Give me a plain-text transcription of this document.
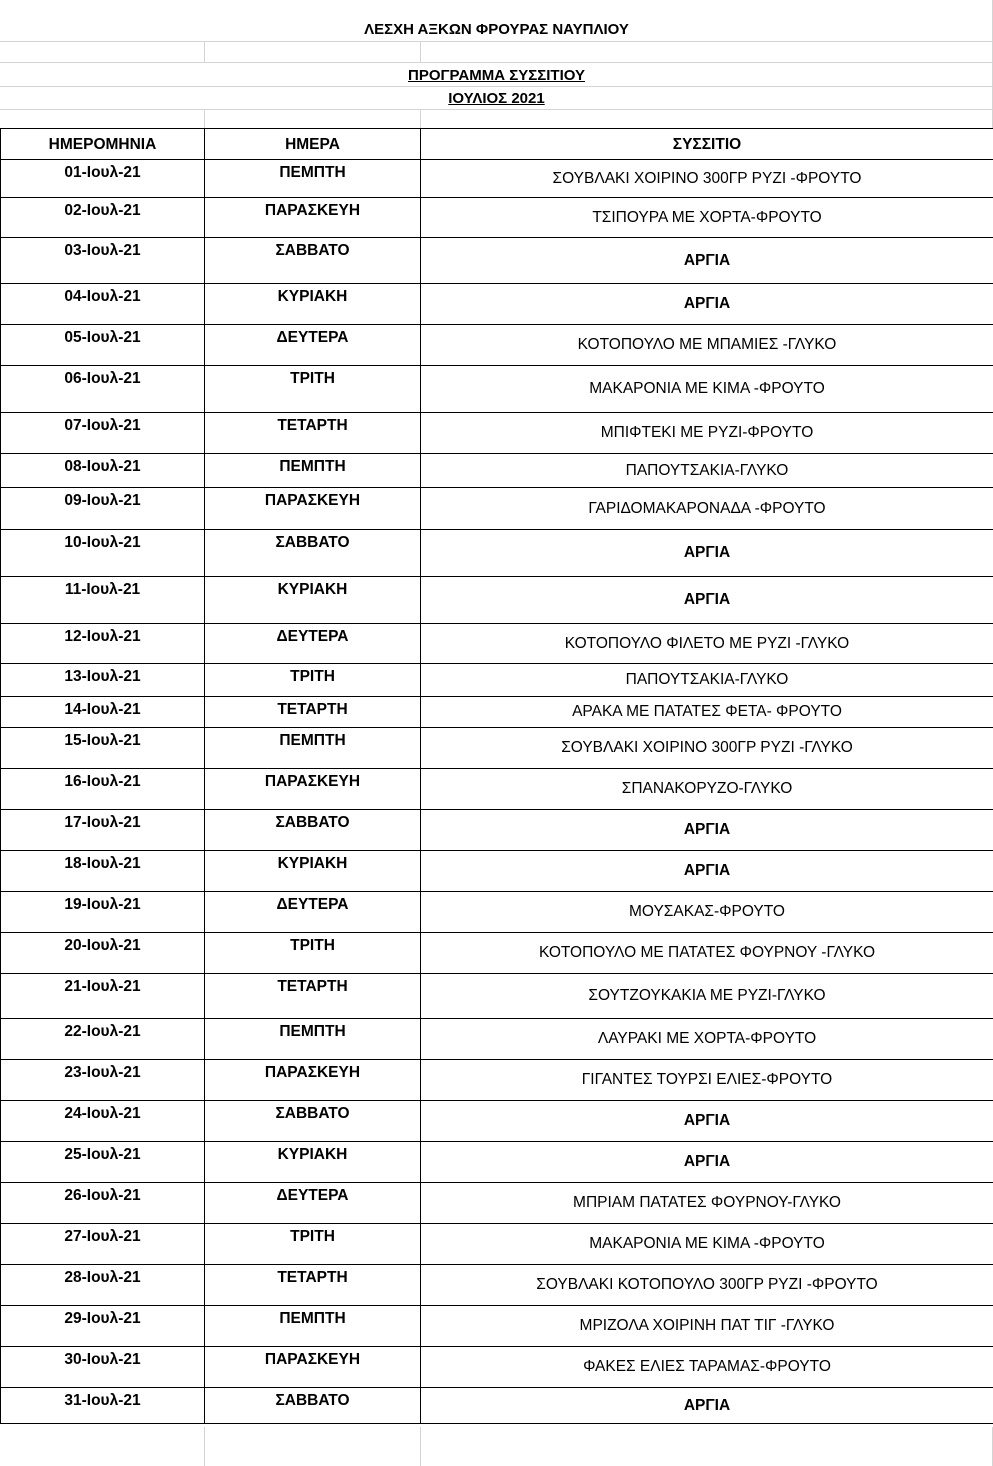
ΛΕΣΧΗ ΑΞΚΩΝ ΦΡΟΥΡΑΣ ΝΑΥΠΛΙΟΥ
ΠΡΟΓΡΑΜΜΑ ΣΥΣΣΙΤΙΟΥ
ΙΟΥΛΙΟΣ 2021
ΗΜΕΡΟΜΗΝΙΑ	ΗΜΕΡΑ	ΣΥΣΣΙΤΙΟ
01-Ιουλ-21	ΠΕΜΠΤΗ	ΣΟΥΒΛΑΚΙ ΧΟΙΡΙΝΟ 300ΓΡ ΡΥΖΙ -ΦΡΟΥΤΟ
02-Ιουλ-21	ΠΑΡΑΣΚΕΥΗ	ΤΣΙΠΟΥΡΑ ΜΕ ΧΟΡΤΑ-ΦΡΟΥΤΟ
03-Ιουλ-21	ΣΑΒΒΑΤΟ	ΑΡΓΙΑ
04-Ιουλ-21	ΚΥΡΙΑΚΗ	ΑΡΓΙΑ
05-Ιουλ-21	ΔΕΥΤΕΡΑ	ΚΟΤΟΠΟΥΛΟ ΜΕ ΜΠΑΜΙΕΣ -ΓΛΥΚΟ
06-Ιουλ-21	ΤΡΙΤΗ	ΜΑΚΑΡΟΝΙΑ ΜΕ ΚΙΜΑ -ΦΡΟΥΤΟ
07-Ιουλ-21	ΤΕΤΑΡΤΗ	ΜΠΙΦΤΕΚΙ ΜΕ ΡΥΖΙ-ΦΡΟΥΤΟ
08-Ιουλ-21	ΠΕΜΠΤΗ	ΠΑΠΟΥΤΣΑΚΙΑ-ΓΛΥΚΟ
09-Ιουλ-21	ΠΑΡΑΣΚΕΥΗ	ΓΑΡΙΔΟΜΑΚΑΡΟΝΑΔΑ -ΦΡΟΥΤΟ
10-Ιουλ-21	ΣΑΒΒΑΤΟ	ΑΡΓΙΑ
11-Ιουλ-21	ΚΥΡΙΑΚΗ	ΑΡΓΙΑ
12-Ιουλ-21	ΔΕΥΤΕΡΑ	ΚΟΤΟΠΟΥΛΟ ΦΙΛΕΤΟ ΜΕ ΡΥΖΙ -ΓΛΥΚΟ
13-Ιουλ-21	ΤΡΙΤΗ	ΠΑΠΟΥΤΣΑΚΙΑ-ΓΛΥΚΟ
14-Ιουλ-21	ΤΕΤΑΡΤΗ	ΑΡΑΚΑ ΜΕ ΠΑΤΑΤΕΣ ΦΕΤΑ- ΦΡΟΥΤΟ
15-Ιουλ-21	ΠΕΜΠΤΗ	ΣΟΥΒΛΑΚΙ ΧΟΙΡΙΝΟ 300ΓΡ ΡΥΖΙ -ΓΛΥΚΟ
16-Ιουλ-21	ΠΑΡΑΣΚΕΥΗ	ΣΠΑΝΑΚΟΡΥΖΟ-ΓΛΥΚΟ
17-Ιουλ-21	ΣΑΒΒΑΤΟ	ΑΡΓΙΑ
18-Ιουλ-21	ΚΥΡΙΑΚΗ	ΑΡΓΙΑ
19-Ιουλ-21	ΔΕΥΤΕΡΑ	ΜΟΥΣΑΚΑΣ-ΦΡΟΥΤΟ
20-Ιουλ-21	ΤΡΙΤΗ	ΚΟΤΟΠΟΥΛΟ ΜΕ ΠΑΤΑΤΕΣ ΦΟΥΡΝΟΥ -ΓΛΥΚΟ
21-Ιουλ-21	ΤΕΤΑΡΤΗ	ΣΟΥΤΖΟΥΚΑΚΙΑ ΜΕ ΡΥΖΙ-ΓΛΥΚΟ
22-Ιουλ-21	ΠΕΜΠΤΗ	ΛΑΥΡΑΚΙ ΜΕ ΧΟΡΤΑ-ΦΡΟΥΤΟ
23-Ιουλ-21	ΠΑΡΑΣΚΕΥΗ	ΓΙΓΑΝΤΕΣ ΤΟΥΡΣΙ ΕΛΙΕΣ-ΦΡΟΥΤΟ
24-Ιουλ-21	ΣΑΒΒΑΤΟ	ΑΡΓΙΑ
25-Ιουλ-21	ΚΥΡΙΑΚΗ	ΑΡΓΙΑ
26-Ιουλ-21	ΔΕΥΤΕΡΑ	ΜΠΡΙΑΜ ΠΑΤΑΤΕΣ ΦΟΥΡΝΟΥ-ΓΛΥΚΟ
27-Ιουλ-21	ΤΡΙΤΗ	ΜΑΚΑΡΟΝΙΑ ΜΕ ΚΙΜΑ -ΦΡΟΥΤΟ
28-Ιουλ-21	ΤΕΤΑΡΤΗ	ΣΟΥΒΛΑΚΙ ΚΟΤΟΠΟΥΛΟ 300ΓΡ ΡΥΖΙ -ΦΡΟΥΤΟ
29-Ιουλ-21	ΠΕΜΠΤΗ	ΜΡΙΖΟΛΑ ΧΟΙΡΙΝΗ ΠΑΤ ΤΙΓ -ΓΛΥΚΟ
30-Ιουλ-21	ΠΑΡΑΣΚΕΥΗ	ΦΑΚΕΣ ΕΛΙΕΣ ΤΑΡΑΜΑΣ-ΦΡΟΥΤΟ
31-Ιουλ-21	ΣΑΒΒΑΤΟ	ΑΡΓΙΑ
